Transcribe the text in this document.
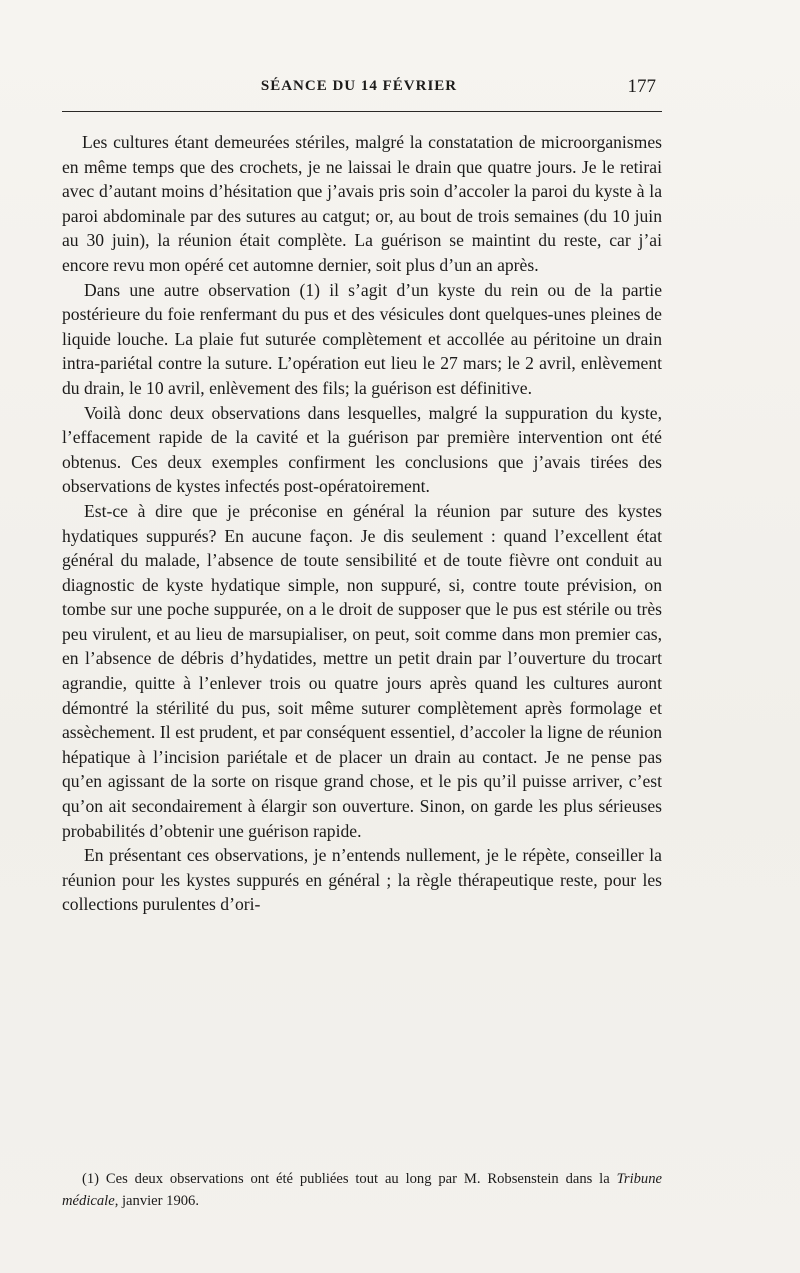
SÉANCE DU 14 FÉVRIER	177

Les cultures étant demeurées stériles, malgré la constatation de microorganismes en même temps que des crochets, je ne laissai le drain que quatre jours. Je le retirai avec d’autant moins d’hésitation que j’avais pris soin d’accoler la paroi du kyste à la paroi abdominale par des sutures au catgut; or, au bout de trois semaines (du 10 juin au 30 juin), la réunion était complète. La guérison se maintint du reste, car j’ai encore revu mon opéré cet automne dernier, soit plus d’un an après.

Dans une autre observation (1) il s’agit d’un kyste du rein ou de la partie postérieure du foie renfermant du pus et des vésicules dont quelques-unes pleines de liquide louche. La plaie fut suturée complètement et accollée au péritoine un drain intra-pariétal contre la suture. L’opération eut lieu le 27 mars; le 2 avril, enlèvement du drain, le 10 avril, enlèvement des fils; la guérison est définitive.

Voilà donc deux observations dans lesquelles, malgré la suppuration du kyste, l’effacement rapide de la cavité et la guérison par première intervention ont été obtenus. Ces deux exemples confirment les conclusions que j’avais tirées des observations de kystes infectés post-opératoirement.

Est-ce à dire que je préconise en général la réunion par suture des kystes hydatiques suppurés? En aucune façon. Je dis seulement : quand l’excellent état général du malade, l’absence de toute sensibilité et de toute fièvre ont conduit au diagnostic de kyste hydatique simple, non suppuré, si, contre toute prévision, on tombe sur une poche suppurée, on a le droit de supposer que le pus est stérile ou très peu virulent, et au lieu de marsupialiser, on peut, soit comme dans mon premier cas, en l’absence de débris d’hydatides, mettre un petit drain par l’ouverture du trocart agrandie, quitte à l’enlever trois ou quatre jours après quand les cultures auront démontré la stérilité du pus, soit même suturer complètement après formolage et assèchement. Il est prudent, et par conséquent essentiel, d’accoler la ligne de réunion hépatique à l’incision pariétale et de placer un drain au contact. Je ne pense pas qu’en agissant de la sorte on risque grand chose, et le pis qu’il puisse arriver, c’est qu’on ait secondairement à élargir son ouverture. Sinon, on garde les plus sérieuses probabilités d’obtenir une guérison rapide.

En présentant ces observations, je n’entends nullement, je le répète, conseiller la réunion pour les kystes suppurés en général ; la règle thérapeutique reste, pour les collections purulentes d’ori-

(1) Ces deux observations ont été publiées tout au long par M. Robsenstein dans la Tribune médicale, janvier 1906.
